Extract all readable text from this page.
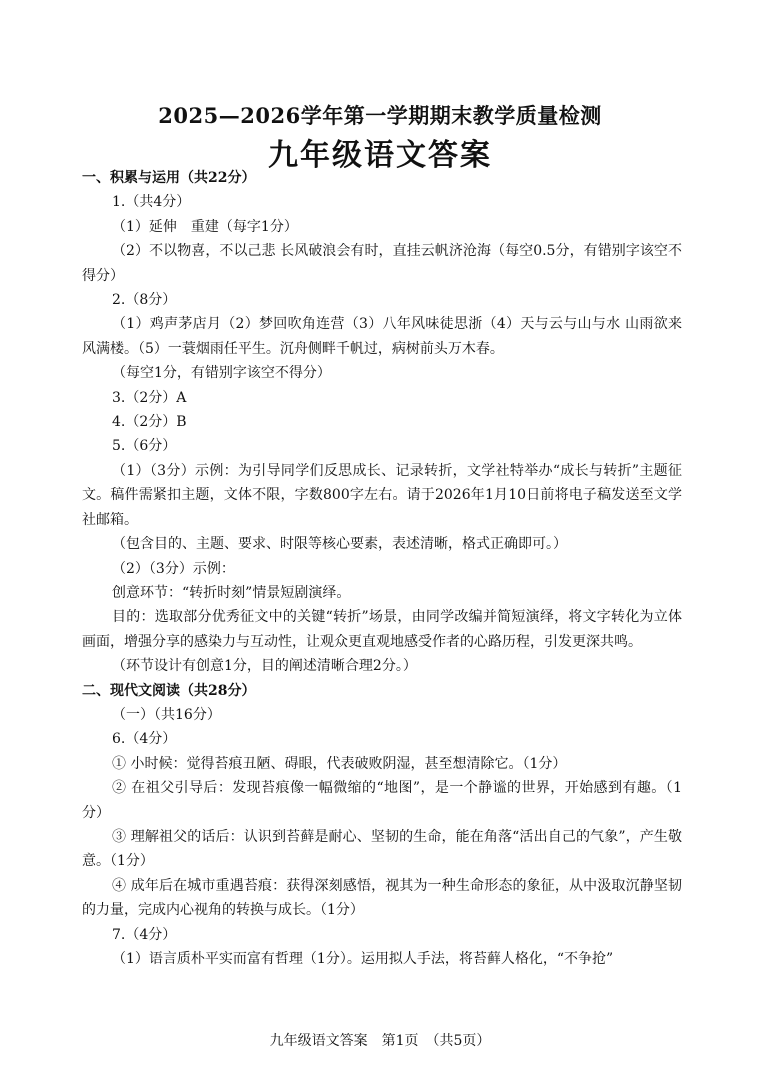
2025—2026学年第一学期期末教学质量检测
九年级语文答案

一、积累与运用（共22分）

1.（共4分）

（1）延伸　重建（每字1分）

（2）不以物喜，不以己悲 长风破浪会有时，直挂云帆济沧海（每空0.5分，有错别字该空不得分）

2.（8分）

（1）鸡声茅店月（2）梦回吹角连营（3）八年风味徒思浙（4）天与云与山与水 山雨欲来风满楼。（5）一蓑烟雨任平生。沉舟侧畔千帆过，病树前头万木春。

（每空1分，有错别字该空不得分）

3.（2分）A

4.（2分）B

5.（6分）

（1）（3分）示例：为引导同学们反思成长、记录转折，文学社特举办“成长与转折”主题征文。稿件需紧扣主题，文体不限，字数800字左右。请于2026年1月10日前将电子稿发送至文学社邮箱。

（包含目的、主题、要求、时限等核心要素，表述清晰，格式正确即可。）

（2）（3分）示例：

创意环节：“转折时刻”情景短剧演绎。

目的：选取部分优秀征文中的关键“转折”场景，由同学改编并简短演绎，将文字转化为立体画面，增强分享的感染力与互动性，让观众更直观地感受作者的心路历程，引发更深共鸣。

（环节设计有创意1分，目的阐述清晰合理2分。）

二、现代文阅读（共28分）

（一）（共16分）

6.（4分）

① 小时候：觉得苔痕丑陋、碍眼，代表破败阴湿，甚至想清除它。（1分）

② 在祖父引导后：发现苔痕像一幅微缩的“地图”，是一个静谧的世界，开始感到有趣。（1分）

③ 理解祖父的话后：认识到苔藓是耐心、坚韧的生命，能在角落“活出自己的气象”，产生敬意。（1分）

④ 成年后在城市重遇苔痕：获得深刻感悟，视其为一种生命形态的象征，从中汲取沉静坚韧的力量，完成内心视角的转换与成长。（1分）

7.（4分）

（1）语言质朴平实而富有哲理（1分）。运用拟人手法，将苔藓人格化，“不争抢”

九年级语文答案　第1页　（共5页）
